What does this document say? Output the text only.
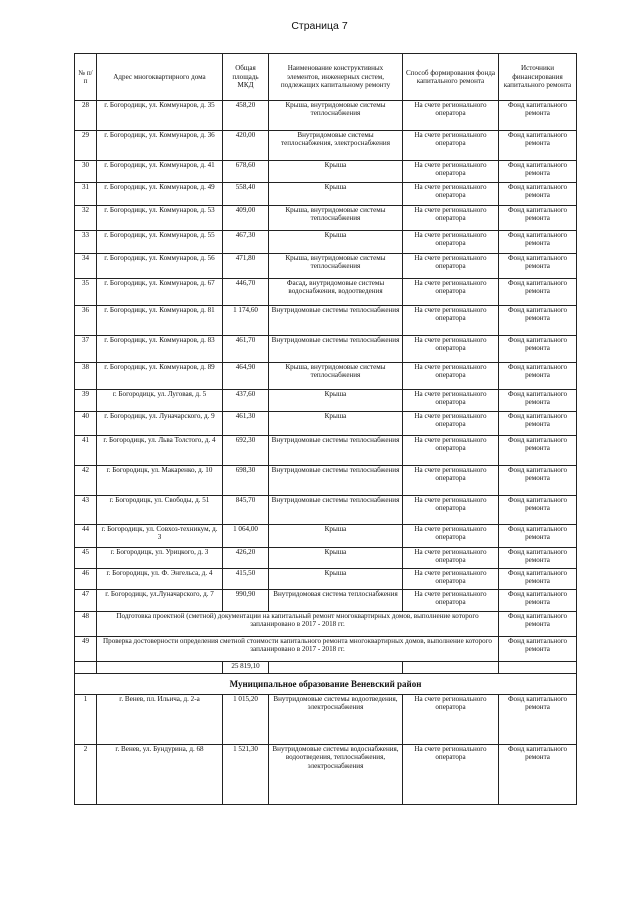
Страница 7
№ п/п	Адрес многоквартирного дома	Общая площадь МКД	Наименование конструктивных элементов, инженерных систем, подлежащих капитальному ремонту	Способ формирования фонда капитального ремонта	Источники финансирования капитального ремонта
28	г. Богородицк, ул. Коммунаров, д. 35	458,20	Крыша, внутридомовые системы теплоснабжения	На счете регионального оператора	Фонд капитального ремонта
29	г. Богородицк, ул. Коммунаров, д. 36	420,00	Внутридомовые системы теплоснабжения, электроснабжения	На счете регионального оператора	Фонд капитального ремонта
30	г. Богородицк, ул. Коммунаров, д. 41	678,60	Крыша	На счете регионального оператора	Фонд капитального ремонта
31	г. Богородицк, ул. Коммунаров, д. 49	558,40	Крыша	На счете регионального оператора	Фонд капитального ремонта
32	г. Богородицк, ул. Коммунаров, д. 53	409,00	Крыша, внутридомовые системы теплоснабжения	На счете регионального оператора	Фонд капитального ремонта
33	г. Богородицк, ул. Коммунаров, д. 55	467,30	Крыша	На счете регионального оператора	Фонд капитального ремонта
34	г. Богородицк, ул. Коммунаров, д. 56	471,80	Крыша, внутридомовые системы теплоснабжения	На счете регионального оператора	Фонд капитального ремонта
35	г. Богородицк, ул. Коммунаров, д. 67	446,70	Фасад, внутридомовые системы водоснабжения, водоотведения	На счете регионального оператора	Фонд капитального ремонта
36	г. Богородицк, ул. Коммунаров, д. 81	1 174,60	Внутридомовые системы теплоснабжения	На счете регионального оператора	Фонд капитального ремонта
37	г. Богородицк, ул. Коммунаров, д. 83	461,70	Внутридомовые системы теплоснабжения	На счете регионального оператора	Фонд капитального ремонта
38	г. Богородицк, ул. Коммунаров, д. 89	464,90	Крыша, внутридомовые системы теплоснабжения	На счете регионального оператора	Фонд капитального ремонта
39	г. Богородицк, ул. Луговая, д. 5	437,60	Крыша	На счете регионального оператора	Фонд капитального ремонта
40	г. Богородицк, ул. Луначарского, д. 9	461,30	Крыша	На счете регионального оператора	Фонд капитального ремонта
41	г. Богородицк, ул. Льва Толстого, д. 4	692,30	Внутридомовые системы теплоснабжения	На счете регионального оператора	Фонд капитального ремонта
42	г. Богородицк, ул. Макаренко, д. 10	698,30	Внутридомовые системы теплоснабжения	На счете регионального оператора	Фонд капитального ремонта
43	г. Богородицк, ул. Свободы, д. 51	845,70	Внутридомовые системы теплоснабжения	На счете регионального оператора	Фонд капитального ремонта
44	г. Богородицк, ул. Совхоз-техникум, д. 3	1 064,00	Крыша	На счете регионального оператора	Фонд капитального ремонта
45	г. Богородицк, ул. Урицкого, д. 3	426,20	Крыша	На счете регионального оператора	Фонд капитального ремонта
46	г. Богородицк, ул. Ф. Энгельса, д. 4	415,50	Крыша	На счете регионального оператора	Фонд капитального ремонта
47	г. Богородицк, ул.Луначарского, д. 7	990,90	Внутридомовая система теплоснабжения	На счете регионального оператора	Фонд капитального ремонта
48	Подготовка проектной (сметной) документации на капитальный ремонт многоквартирных домов, выполнение которого запланировано в 2017 - 2018 гг.				Фонд капитального ремонта
49	Проверка достоверности определения сметной стоимости капитального ремонта многоквартирных домов, выполнение которого запланировано в 2017 - 2018 гг.				Фонд капитального ремонта
		25 819,10			
Муниципальное образование Веневский район					
1	г. Венев, пл. Ильича, д. 2-а	1 015,20	Внутридомовые системы водоотведения, электроснабжения	На счете регионального оператора	Фонд капитального ремонта
2	г. Венев, ул. Бундурина, д. 68	1 521,30	Внутридомовые системы водоснабжения, водоотведения, теплоснабжения, электроснабжения	На счете регионального оператора	Фонд капитального ремонта
